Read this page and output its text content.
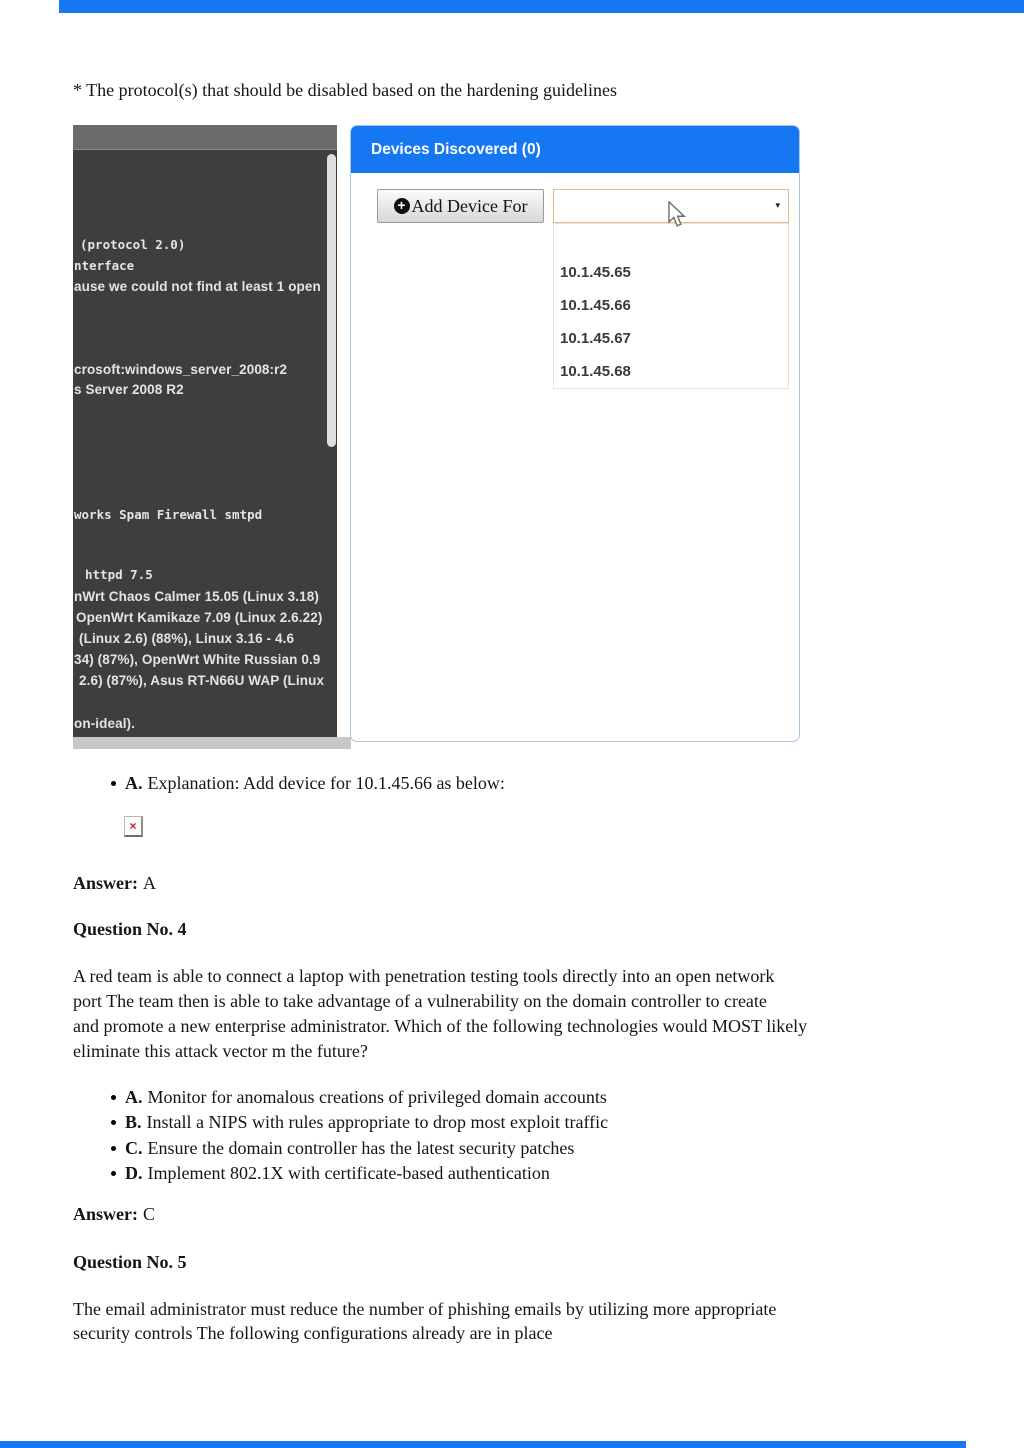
* The protocol(s) that should be disabled based on the hardening guidelines
(protocol 2.0)
nterface
ause we could not find at least 1 open
crosoft:windows_server_2008:r2
s Server 2008 R2
works Spam Firewall smtpd
httpd 7.5
nWrt Chaos Calmer 15.05 (Linux 3.18)
OpenWrt Kamikaze 7.09 (Linux 2.6.22)
(Linux 2.6) (88%), Linux 3.16 - 4.6
34) (87%), OpenWrt White Russian 0.9
2.6) (87%), Asus RT-N66U WAP (Linux
on-ideal).
Devices Discovered (0)
+ Add Device For	▾
10.1.45.65
10.1.45.66
10.1.45.67
10.1.45.68
A. Explanation: Add device for 10.1.45.66 as below:
×
Answer: A
Question No. 4
A red team is able to connect a laptop with penetration testing tools directly into an open network
port The team then is able to take advantage of a vulnerability on the domain controller to create
and promote a new enterprise administrator. Which of the following technologies would MOST likely
eliminate this attack vector m the future?
A. Monitor for anomalous creations of privileged domain accounts
B. Install a NIPS with rules appropriate to drop most exploit traffic
C. Ensure the domain controller has the latest security patches
D. Implement 802.1X with certificate-based authentication
Answer: C
Question No. 5
The email administrator must reduce the number of phishing emails by utilizing more appropriate
security controls The following configurations already are in place
